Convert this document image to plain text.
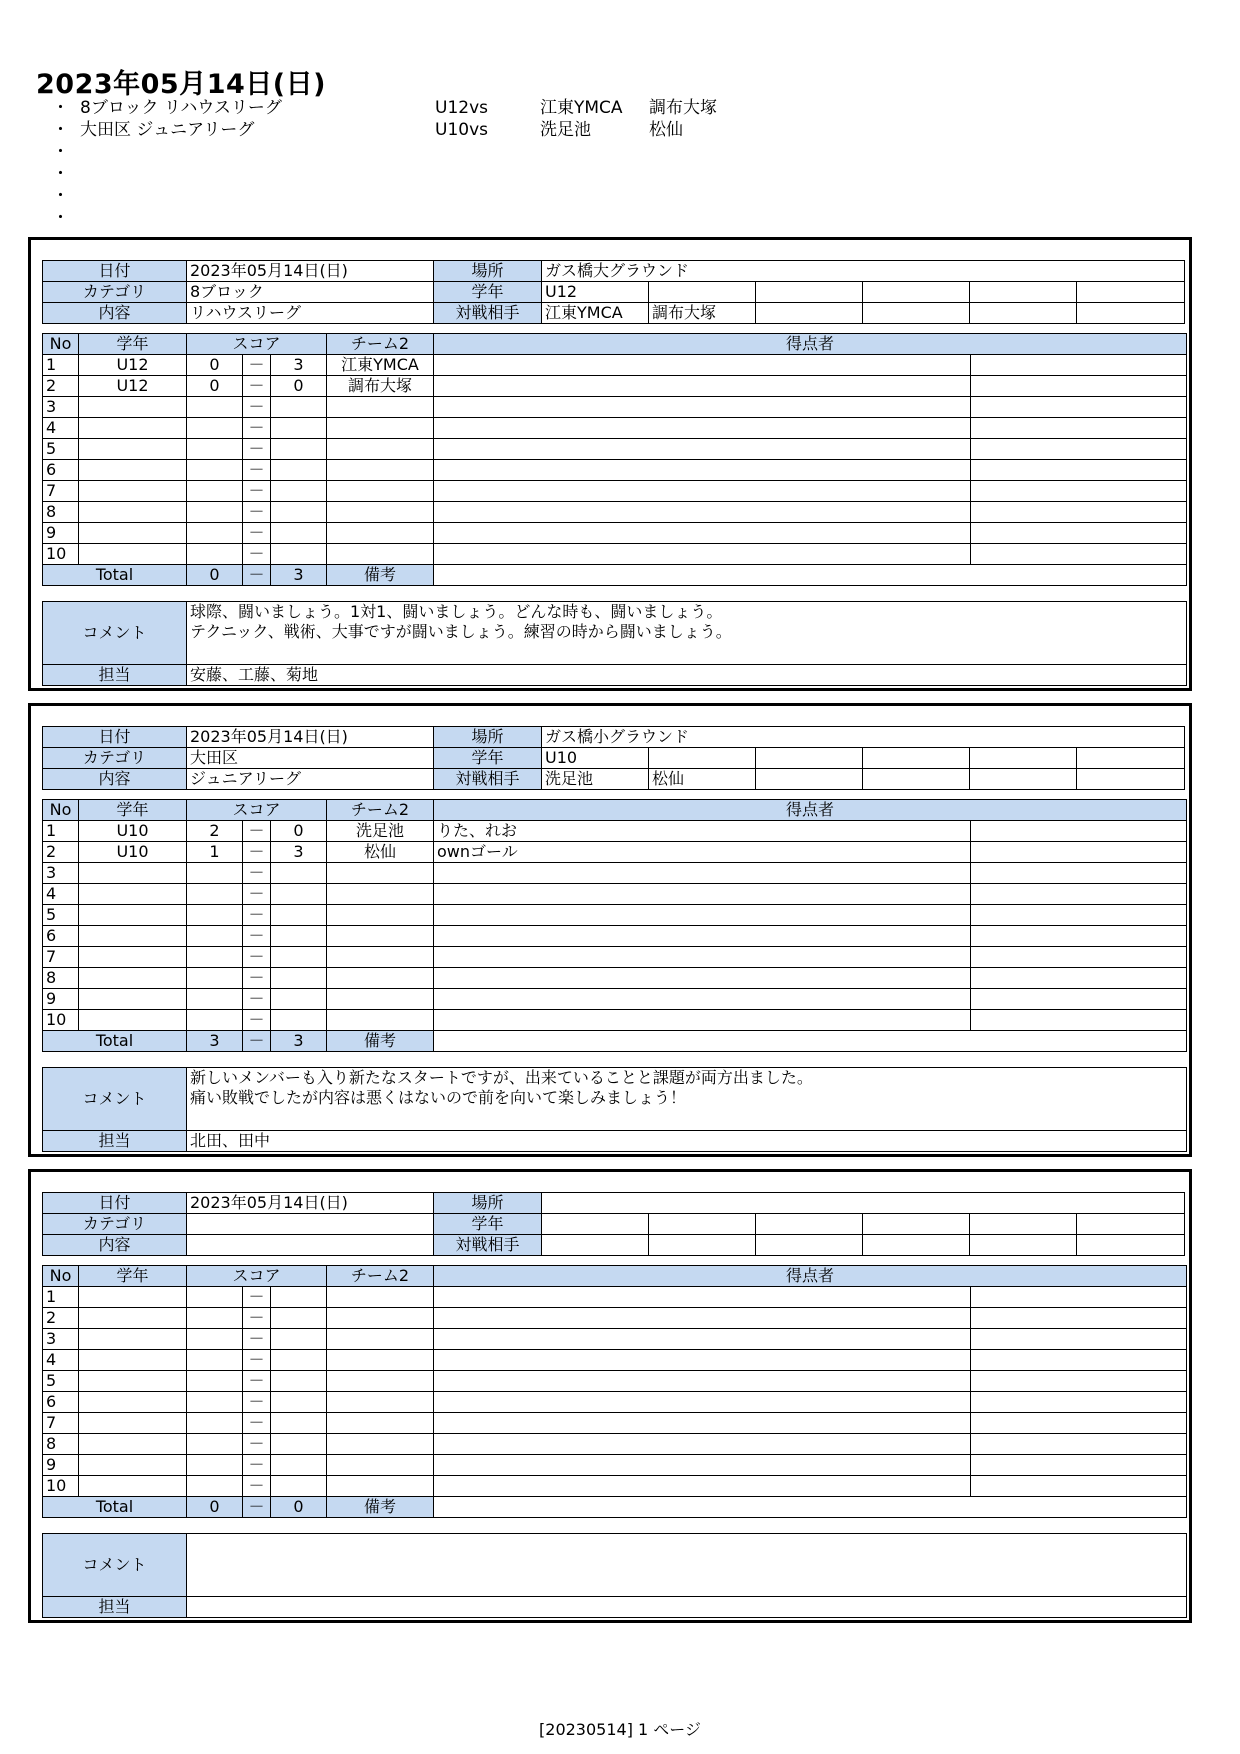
2023年05月14日(日)
・ 8ブロック リハウスリーグ	U12vs	江東YMCA 調布大塚
・ 大田区 ジュニアリーグ	U10vs	洗足池	松仙
・
・
・
・
日付	2023年05月14日(日)	場所	ガス橋大グラウンド					
カテゴリ	8ブロック	学年	U12					
内容	リハウスリーグ	対戦相手	江東YMCA	調布大塚				
No	学年	スコア			チーム2	得点者	
1	U12	0	－	3	江東YMCA		
2	U12	0	－	0	調布大塚		
3			－				
4			－				
5			－				
6			－				
7			－				
8			－				
9			－				
10			－				
Total		0	－	3	備考		
コメント	球際、闘いましょう。1対1、闘いましょう。どんな時も、闘いましょう。
テクニック、戦術、大事ですが闘いましょう。練習の時から闘いましょう。

担当	安藤、工藤、菊地
日付	2023年05月14日(日)	場所	ガス橋小グラウンド					
カテゴリ	大田区	学年	U10					
内容	ジュニアリーグ	対戦相手	洗足池	松仙				
No	学年	スコア			チーム2	得点者	
1	U10	2	－	0	洗足池	りた、れお	
2	U10	1	－	3	松仙	ownゴール	
3			－				
4			－				
5			－				
6			－				
7			－				
8			－				
9			－				
10			－				
Total		3	－	3	備考		
コメント	新しいメンバーも入り新たなスタートですが、出来ていることと課題が両方出ました。
痛い敗戦でしたが内容は悪くはないので前を向いて楽しみましょう！

担当	北田、田中
日付	2023年05月14日(日)	場所						
カテゴリ		学年						
内容		対戦相手						
No	学年	スコア			チーム2	得点者	
1			－				
2			－				
3			－				
4			－				
5			－				
6			－				
7			－				
8			－				
9			－				
10			－				
Total		0	－	0	備考		
コメント	

担当	
[20230514] 1 ページ
